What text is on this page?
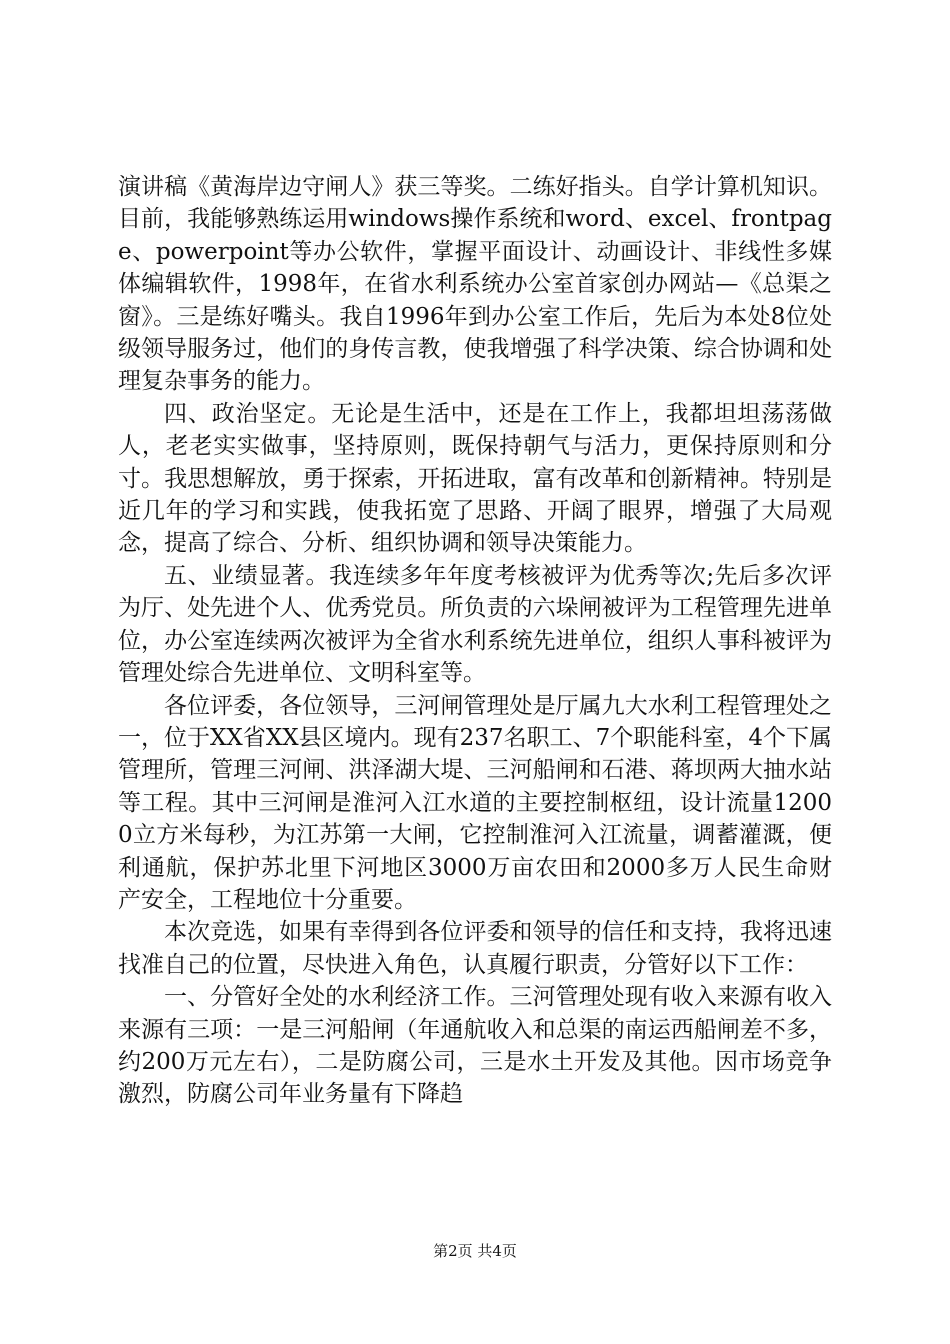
演讲稿《黄海岸边守闸人》获三等奖。二练好指头。自学计算机知识。目前，我能够熟练运用windows操作系统和word、excel、frontpage、powerpoint等办公软件，掌握平面设计、动画设计、非线性多媒体编辑软件，1998年，在省水利系统办公室首家创办网站—《总渠之窗》。三是练好嘴头。我自1996年到办公室工作后，先后为本处8位处级领导服务过，他们的身传言教，使我增强了科学决策、综合协调和处理复杂事务的能力。

四、政治坚定。无论是生活中，还是在工作上，我都坦坦荡荡做人，老老实实做事，坚持原则，既保持朝气与活力，更保持原则和分寸。我思想解放，勇于探索，开拓进取，富有改革和创新精神。特别是近几年的学习和实践，使我拓宽了思路、开阔了眼界，增强了大局观念，提高了综合、分析、组织协调和领导决策能力。

五、业绩显著。我连续多年年度考核被评为优秀等次;先后多次评为厅、处先进个人、优秀党员。所负责的六垛闸被评为工程管理先进单位，办公室连续两次被评为全省水利系统先进单位，组织人事科被评为管理处综合先进单位、文明科室等。

各位评委，各位领导，三河闸管理处是厅属九大水利工程管理处之一，位于XX省XX县区境内。现有237名职工、7个职能科室，4个下属管理所，管理三河闸、洪泽湖大堤、三河船闸和石港、蒋坝两大抽水站等工程。其中三河闸是淮河入江水道的主要控制枢纽，设计流量12000立方米每秒，为江苏第一大闸，它控制淮河入江流量，调蓄灌溉，便利通航，保护苏北里下河地区3000万亩农田和2000多万人民生命财产安全，工程地位十分重要。

本次竞选，如果有幸得到各位评委和领导的信任和支持，我将迅速找准自己的位置，尽快进入角色，认真履行职责，分管好以下工作：

一、分管好全处的水利经济工作。三河管理处现有收入来源有收入来源有三项：一是三河船闸（年通航收入和总渠的南运西船闸差不多，约200万元左右），二是防腐公司，三是水土开发及其他。因市场竞争激烈，防腐公司年业务量有下降趋

第2页 共4页
